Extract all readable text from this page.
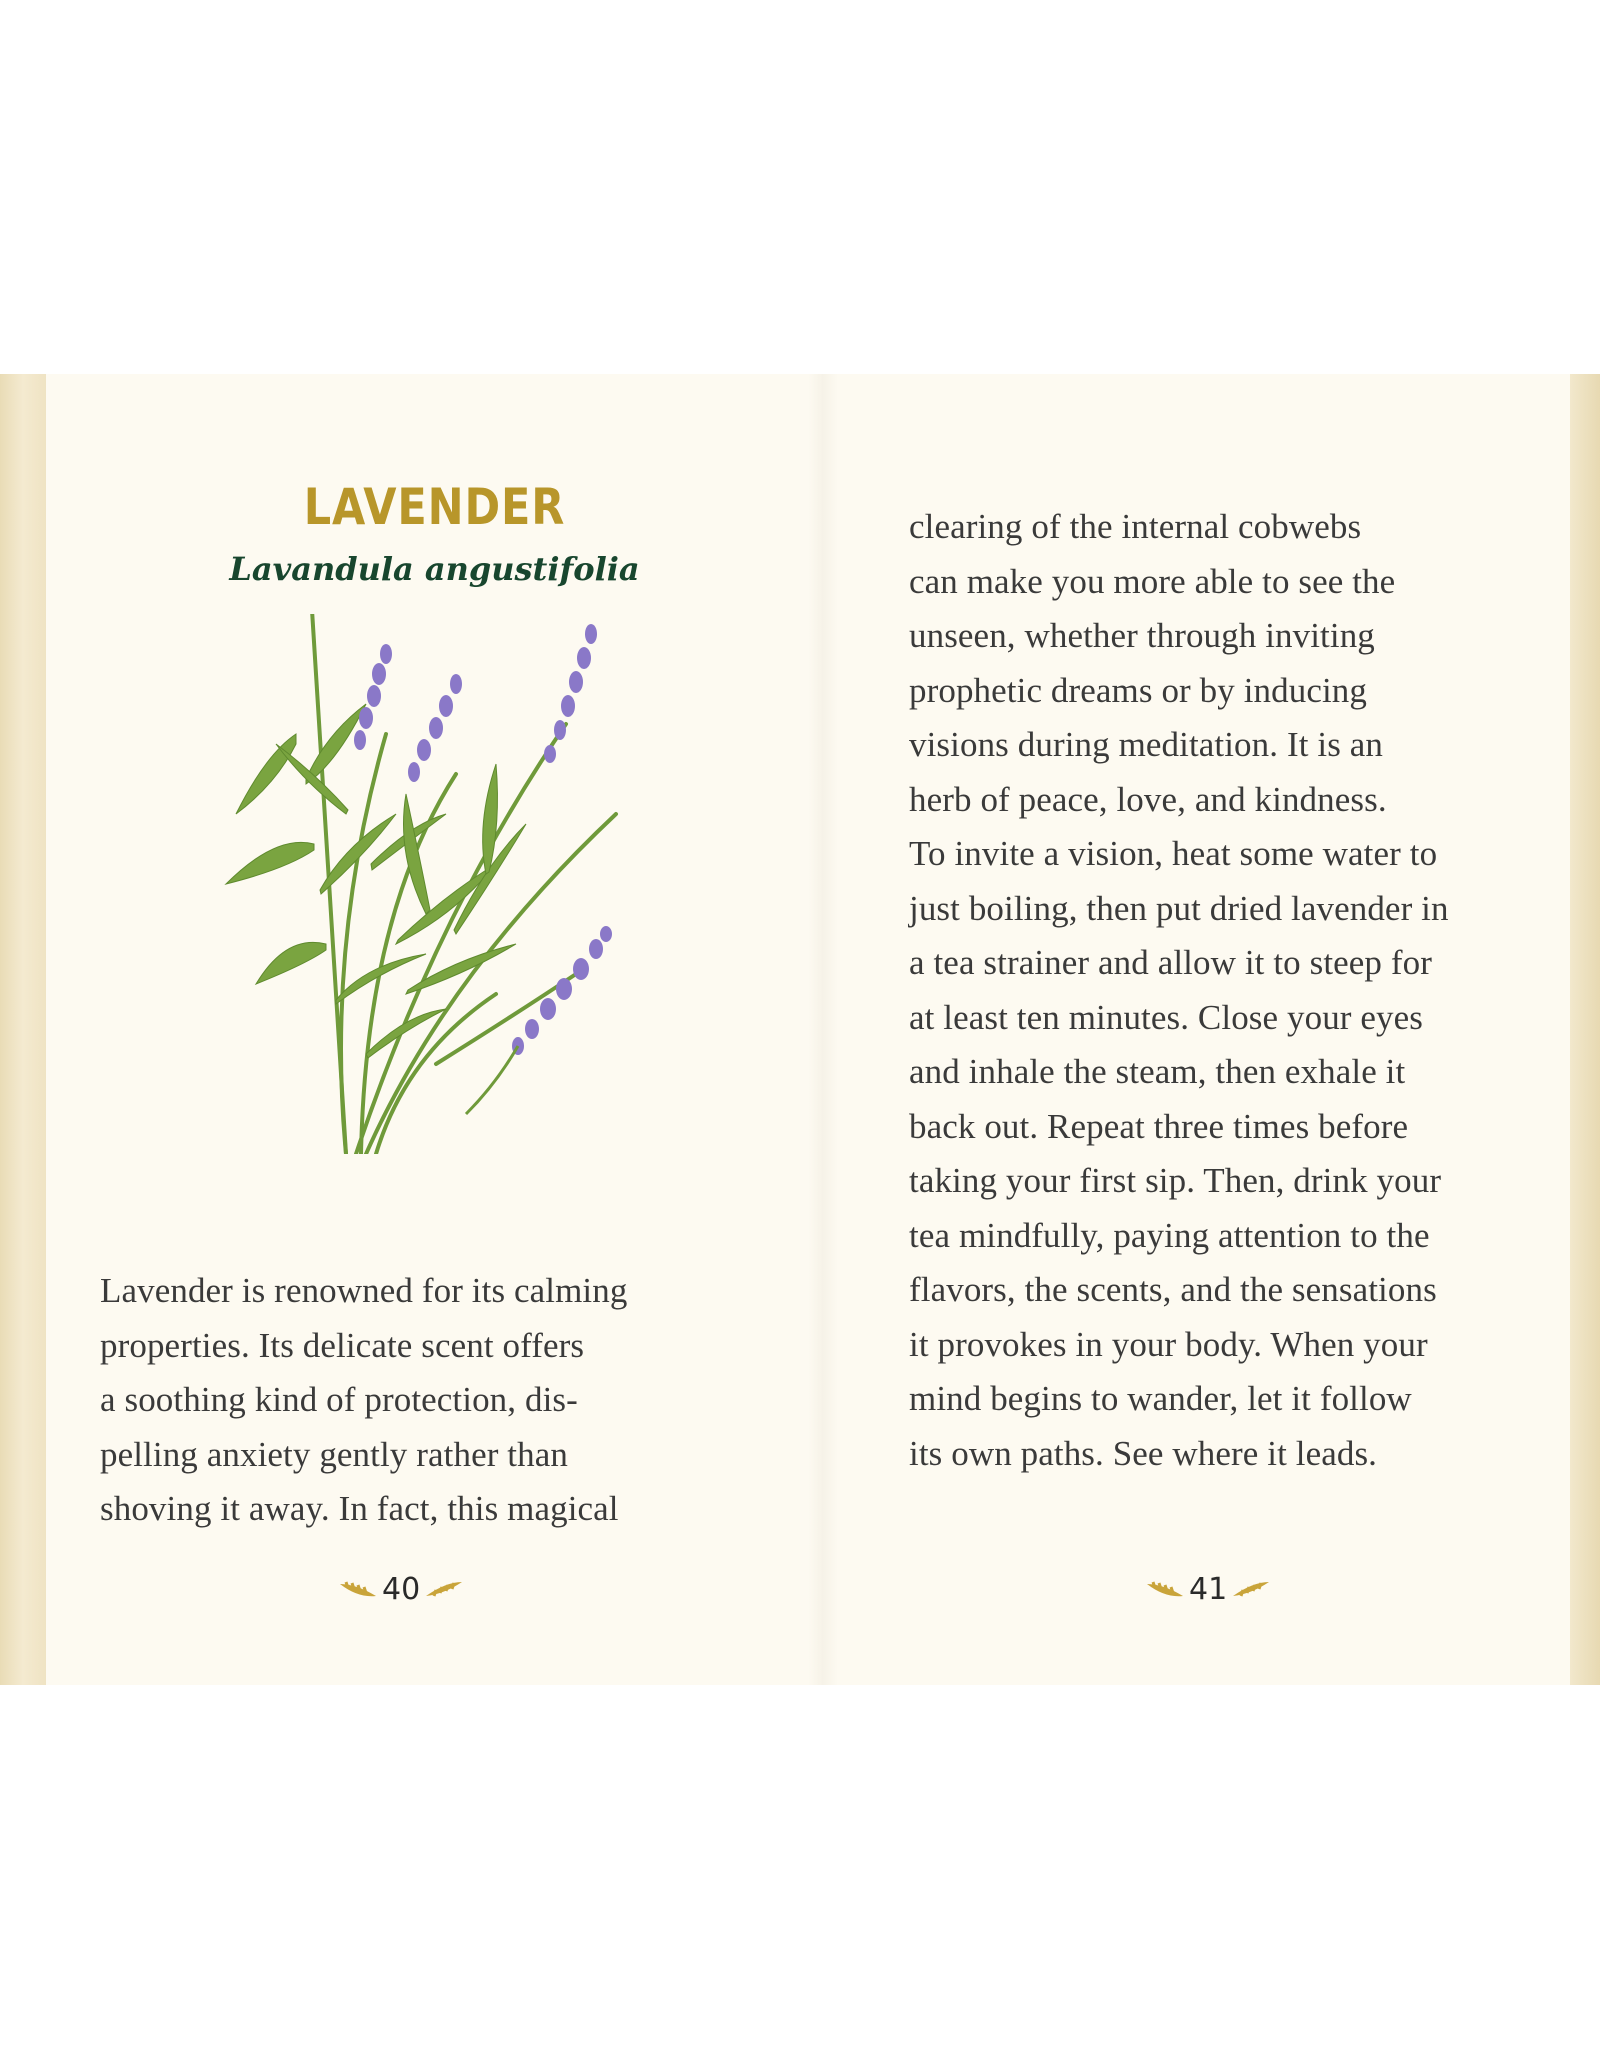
LAVENDER
Lavandula angustifolia

Lavender is renowned for its calming
properties. Its delicate scent offers
a soothing kind of protection, dis-
pelling anxiety gently rather than
shoving it away. In fact, this magical

40

clearing of the internal cobwebs
can make you more able to see the
unseen, whether through inviting
prophetic dreams or by inducing
visions during meditation. It is an
herb of peace, love, and kindness.
To invite a vision, heat some water to
just boiling, then put dried lavender in
a tea strainer and allow it to steep for
at least ten minutes. Close your eyes
and inhale the steam, then exhale it
back out. Repeat three times before
taking your first sip. Then, drink your
tea mindfully, paying attention to the
flavors, the scents, and the sensations
it provokes in your body. When your
mind begins to wander, let it follow
its own paths. See where it leads.

41
